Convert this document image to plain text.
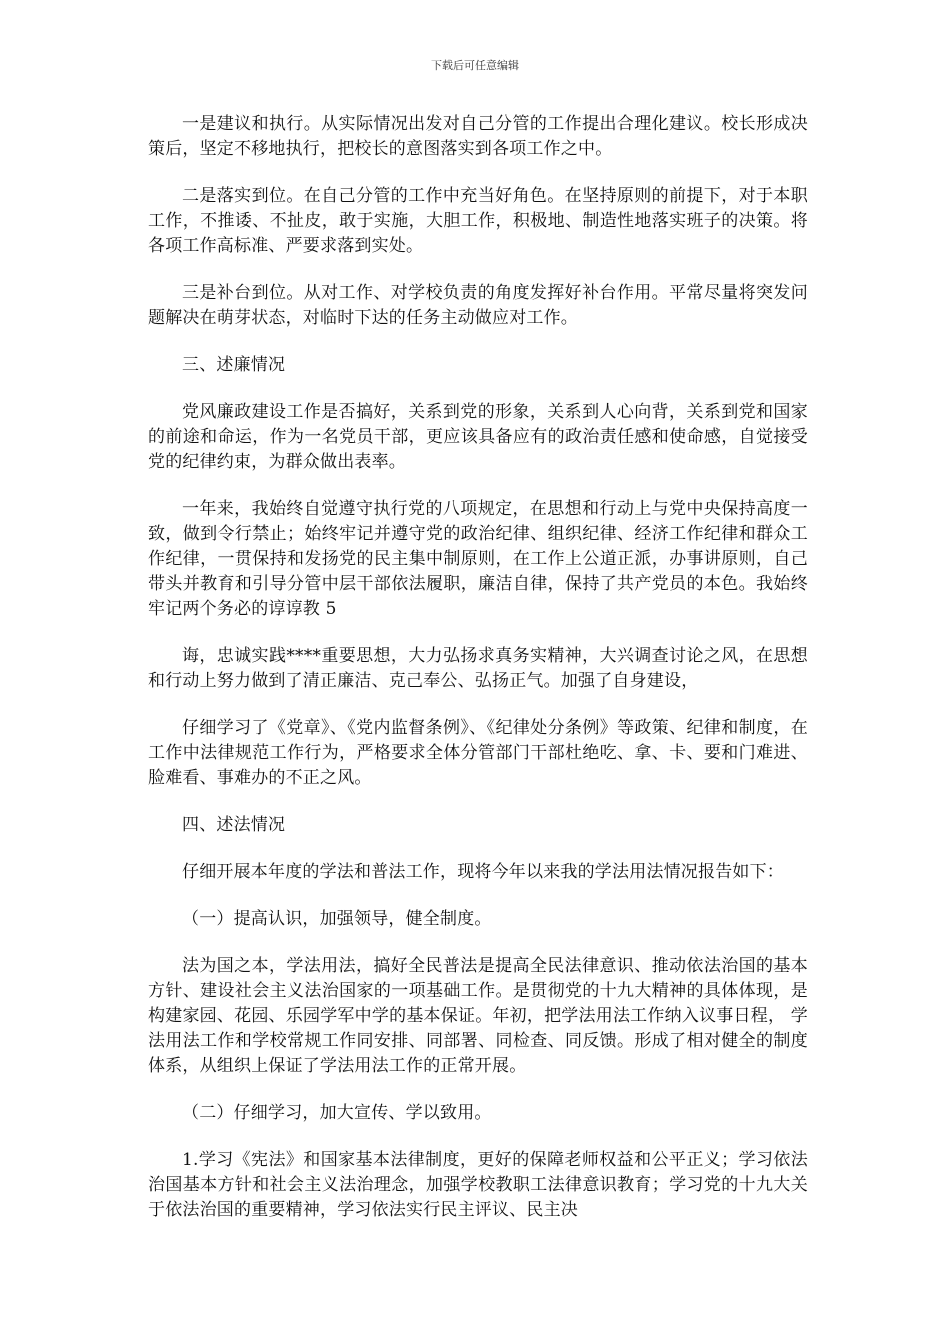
下载后可任意编辑

一是建议和执行。从实际情况出发对自己分管的工作提出合理化建议。校长形成决策后，坚定不移地执行，把校长的意图落实到各项工作之中。

二是落实到位。在自己分管的工作中充当好角色。在坚持原则的前提下，对于本职工作，不推诿、不扯皮，敢于实施，大胆工作，积极地、制造性地落实班子的决策。将各项工作高标准、严要求落到实处。

三是补台到位。从对工作、对学校负责的角度发挥好补台作用。平常尽量将突发问题解决在萌芽状态，对临时下达的任务主动做应对工作。

三、述廉情况

党风廉政建设工作是否搞好，关系到党的形象，关系到人心向背，关系到党和国家的前途和命运，作为一名党员干部，更应该具备应有的政治责任感和使命感，自觉接受党的纪律约束，为群众做出表率。

一年来，我始终自觉遵守执行党的八项规定，在思想和行动上与党中央保持高度一致，做到令行禁止；始终牢记并遵守党的政治纪律、组织纪律、经济工作纪律和群众工作纪律，一贯保持和发扬党的民主集中制原则，在工作上公道正派，办事讲原则，自己带头并教育和引导分管中层干部依法履职，廉洁自律，保持了共产党员的本色。我始终牢记两个务必的谆谆教 5

诲，忠诚实践****重要思想，大力弘扬求真务实精神，大兴调查讨论之风，在思想和行动上努力做到了清正廉洁、克己奉公、弘扬正气。加强了自身建设，

仔细学习了《党章》、《党内监督条例》、《纪律处分条例》等政策、纪律和制度，在工作中法律规范工作行为，严格要求全体分管部门干部杜绝吃、拿、卡、要和门难进、脸难看、事难办的不正之风。

四、述法情况

仔细开展本年度的学法和普法工作，现将今年以来我的学法用法情况报告如下：

（一）提高认识，加强领导，健全制度。

法为国之本，学法用法，搞好全民普法是提高全民法律意识、推动依法治国的基本方针、建设社会主义法治国家的一项基础工作。是贯彻党的十九大精神的具体体现，是构建家园、花园、乐园学军中学的基本保证。年初，把学法用法工作纳入议事日程， 学法用法工作和学校常规工作同安排、同部署、同检查、同反馈。形成了相对健全的制度体系，从组织上保证了学法用法工作的正常开展。

（二）仔细学习，加大宣传、学以致用。

1.学习《宪法》和国家基本法律制度，更好的保障老师权益和公平正义；学习依法治国基本方针和社会主义法治理念，加强学校教职工法律意识教育；学习党的十九大关于依法治国的重要精神，学习依法实行民主评议、民主决
